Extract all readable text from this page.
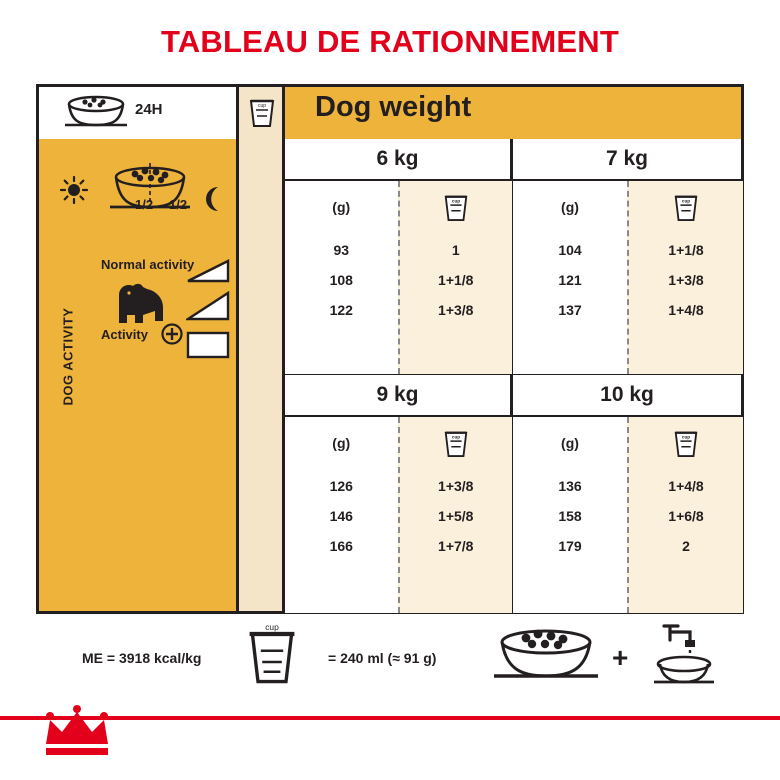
TABLEAU DE RATIONNEMENT
24H	cup Dog weight
DOG ACTIVITY
1/2 1/2
Normal activity
Activity
6 kg
(g)
93
108
122
cup
1
1+1/8
1+3/8
7 kg
(g)
104
121
137
cup
1+1/8
1+3/8
1+4/8
9 kg
(g)
126
146
166
cup
1+3/8
1+5/8
1+7/8
10 kg
(g)
136
158
179
cup
1+4/8
1+6/8
2
ME = 3918 kcal/kg
cup
= 240 ml (≈ 91 g)	+
